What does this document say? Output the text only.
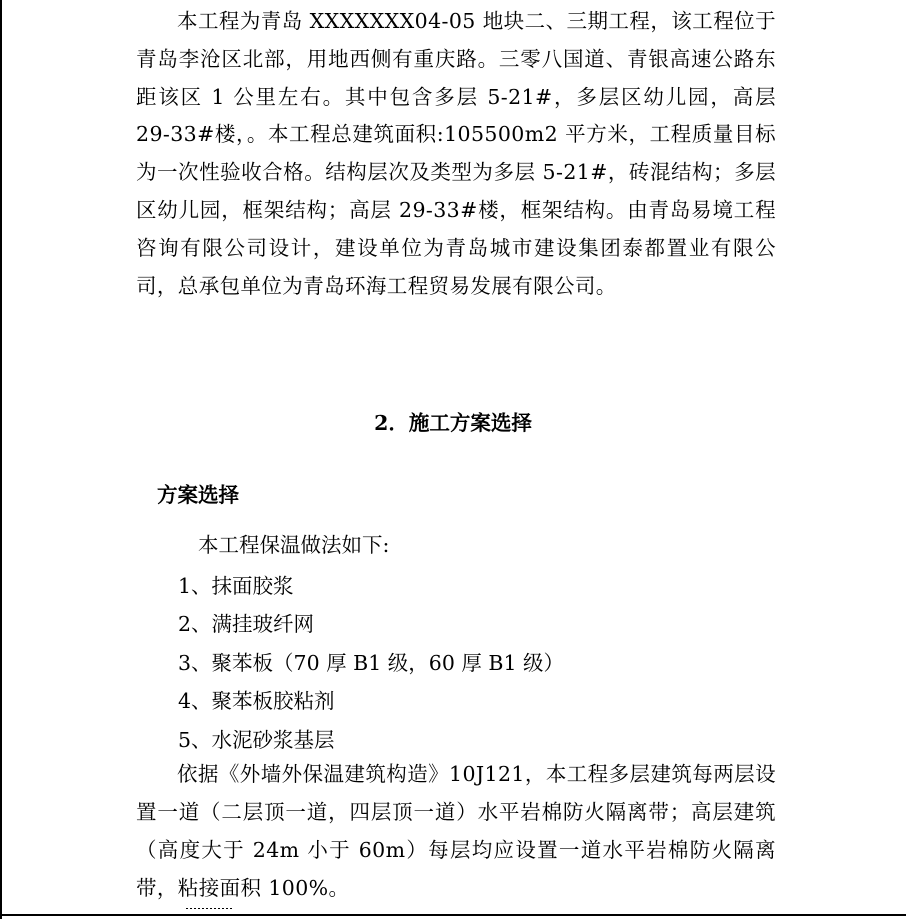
本工程为青岛 XXXXXXX04-05 地块二、三期工程，该工程位于青岛李沧区北部，用地西侧有重庆路。三零八国道、青银高速公路东距该区 1 公里左右。其中包含多层 5-21#，多层区幼儿园，高层 29-33#楼，。本工程总建筑面积:105500m2 平方米，工程质量目标为一次性验收合格。结构层次及类型为多层 5-21#，砖混结构；多层区幼儿园，框架结构；高层 29-33#楼，框架结构。由青岛易境工程咨询有限公司设计，建设单位为青岛城市建设集团泰都置业有限公司，总承包单位为青岛环海工程贸易发展有限公司。

2．施工方案选择
方案选择

本工程保温做法如下:

1、抹面胶浆
2、满挂玻纤网
3、聚苯板（70 厚 B1 级，60 厚 B1 级）
4、聚苯板胶粘剂
5、水泥砂浆基层

依据《外墙外保温建筑构造》10J121，本工程多层建筑每两层设置一道（二层顶一道，四层顶一道）水平岩棉防火隔离带；高层建筑（高度大于 24m 小于 60m）每层均应设置一道水平岩棉防火隔离带，粘接面积 100%。
